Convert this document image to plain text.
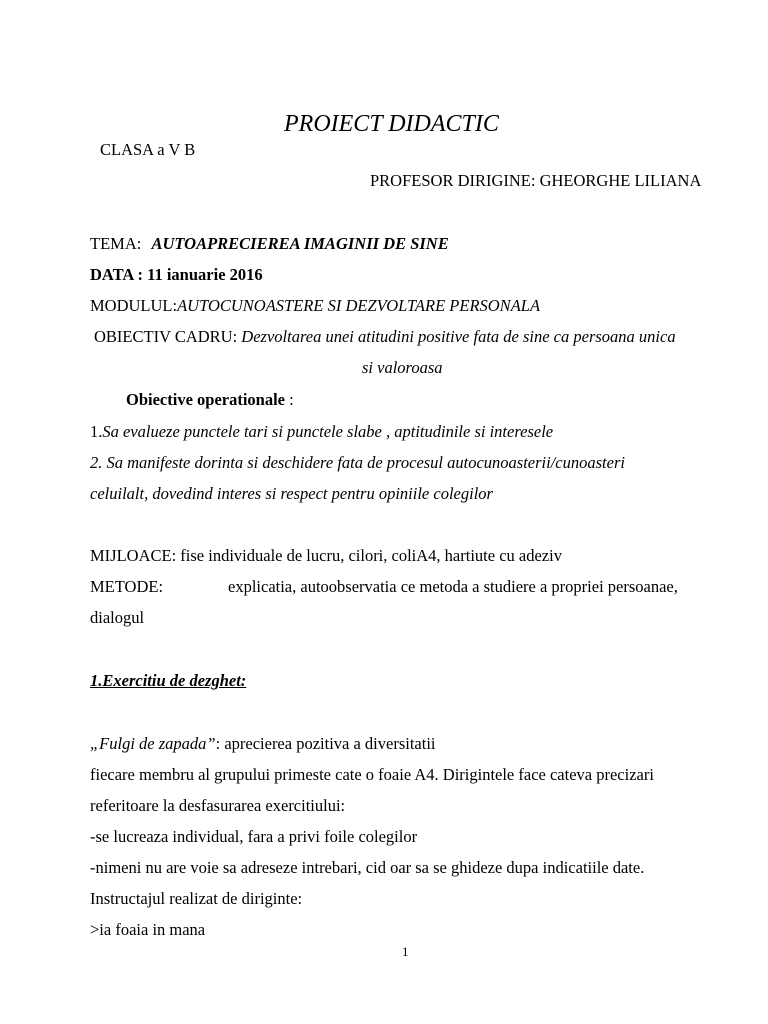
PROIECT DIDACTIC
CLASA a V B
PROFESOR DIRIGINE: GHEORGHE LILIANA
TEMA: AUTOAPRECIEREA IMAGINII DE SINE
DATA : 11 ianuarie 2016
MODULUL:AUTOCUNOASTERE SI DEZVOLTARE PERSONALA
OBIECTIV CADRU: Dezvoltarea unei atitudini positive fata de sine ca persoana unica
si valoroasa
Obiective operationale :
1.Sa evalueze punctele tari si punctele slabe , aptitudinile si interesele
2. Sa manifeste dorinta si deschidere fata de procesul autocunoasterii/cunoasteri
celuilalt, dovedind interes si respect pentru opiniile colegilor
MIJLOACE: fise individuale de lucru, cilori, coliA4, hartiute cu adeziv
METODE:	explicatia, autoobservatia ce metoda a studiere a propriei persoanae,
dialogul
1.Exercitiu de dezghet:
„Fulgi de zapada”: aprecierea pozitiva a diversitatii
fiecare membru al grupului primeste cate o foaie A4. Dirigintele face cateva precizari
referitoare la desfasurarea exercitiului:
-se lucreaza individual, fara a privi foile colegilor
-nimeni nu are voie sa adreseze intrebari, cid oar sa se ghideze dupa indicatiile date.
Instructajul realizat de diriginte:
>ia foaia in mana
1
